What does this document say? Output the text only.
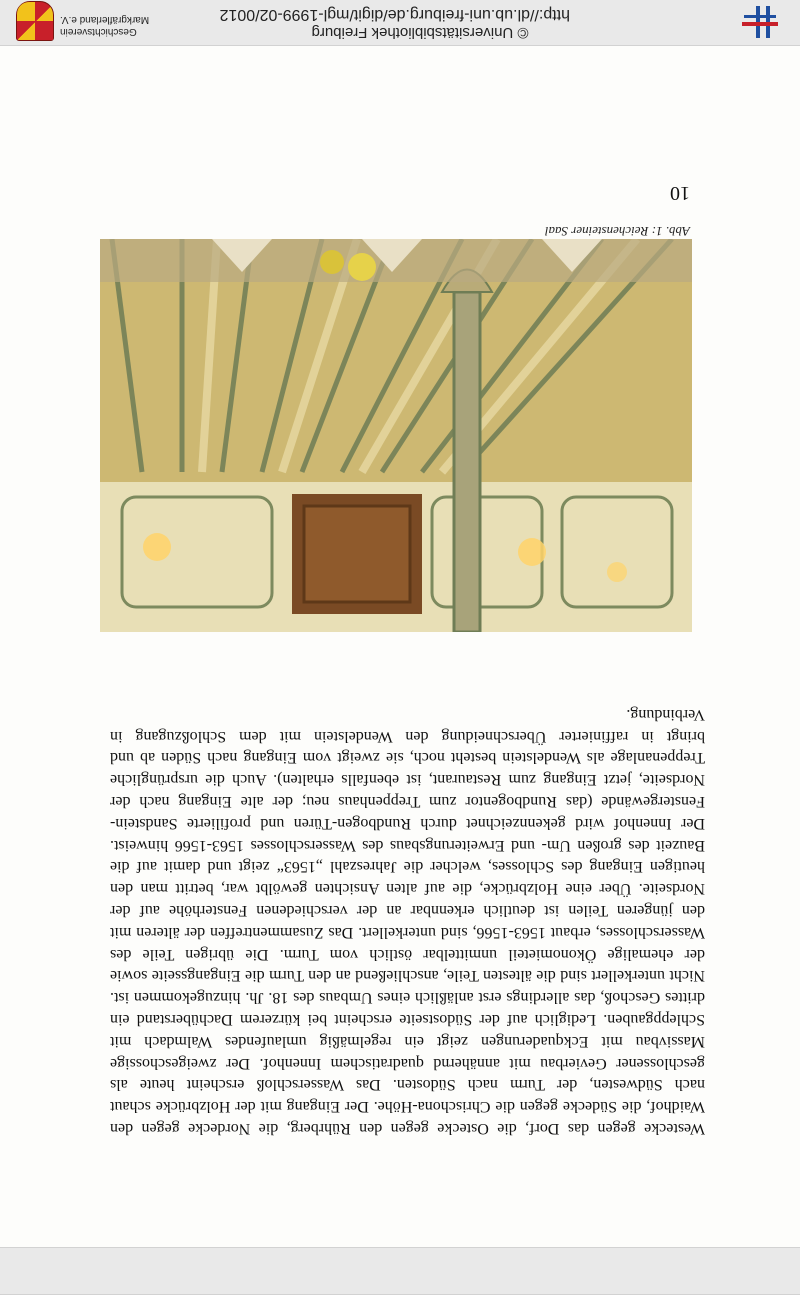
Westecke gegen das Dorf, die Ostecke gegen den Rührberg, die Nordecke gegen den Waidhof, die Südecke gegen die Chrischona-Höhe. Der Eingang mit der Holzbrücke schaut nach Südwesten, der Turm nach Südosten. Das Wasserschloß erscheint heute als geschlossener Gevierbau mit annähernd quadratischem Innenhof. Der zweigeschossige Massivbau mit Eckquaderungen zeigt ein regelmäßig umlaufendes Walmdach mit Schleppgauben. Lediglich auf der Südostseite erscheint bei kürzerem Dachüberstand ein drittes Geschoß, das allerdings erst anläßlich eines Umbaus des 18. Jh. hinzugekommen ist. Nicht unterkellert sind die ältesten Teile, anschließend an den Turm die Eingangsseite sowie der ehemalige Ökonomieteil unmittelbar östlich vom Turm. Die übrigen Teile des Wasserschlosses, erbaut 1563-1566, sind unterkellert. Das Zusammentreffen der älteren mit den jüngeren Teilen ist deutlich erkennbar an der verschiedenen Fensterhöhe auf der Nordseite. Über eine Holzbrücke, die auf alten Ansichten gewölbt war, betritt man den heutigen Eingang des Schlosses, welcher die Jahreszahl „1563“ zeigt und damit auf die Bauzeit des großen Um- und Erweiterungsbaus des Wasserschlosses 1563-1566 hinweist. Der Innenhof wird gekennzeichnet durch Rundbogen-Türen und profilierte Sandstein-Fenstergewände (das Rundbogentor zum Treppenhaus neu; der alte Eingang nach der Nordseite, jetzt Eingang zum Restaurant, ist ebenfalls erhalten). Auch die ursprüngliche Treppenanlage als Wendelstein besteht noch, sie zweigt vom Eingang nach Süden ab und bringt in raffinierter Überschneidung den Wendelstein mit dem Schloßzugang in Verbindung.

Abb. 1: Reichensteiner Saal
10
© Universitätsbibliothek Freiburg
http://dl.ub.uni-freiburg.de/digit/mgl-1999-02/0012
Geschichtsverein
Markgräflerland e.V.
